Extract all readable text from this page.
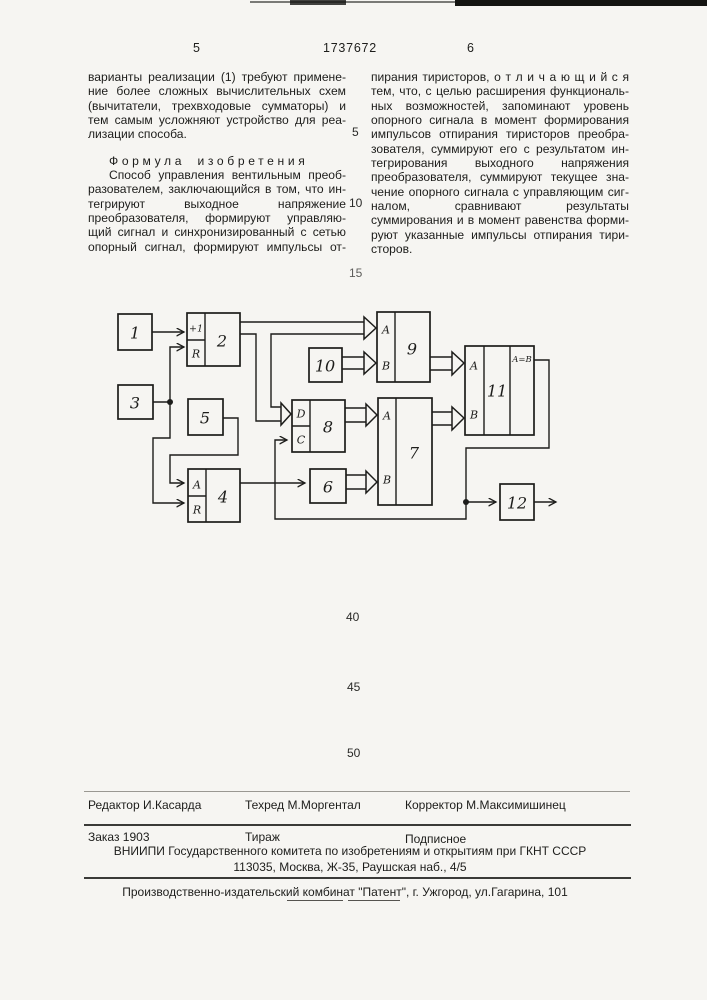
5	1737672	6
варианты реализации (1) требуют примене-
ние более сложных вычислительных схем
(вычитатели, трехвходовые сумматоры) и
тем самым усложняют устройство для реа-
лизации способа.
Формула изобретения
Способ управления вентильным преоб-
разователем, заключающийся в том, что ин-
тегрируют выходное напряжение
преобразователя, формируют управляю-
щий сигнал и синхронизированный с сетью
опорный сигнал, формируют импульсы от-
пирания тиристоров, о т л и ч а ю щ и й с я
тем, что, с целью расширения функциональ-
ных возможностей, запоминают уровень
опорного сигнала в момент формирования
импульсов отпирания тиристоров преобра-
зователя, суммируют его с результатом ин-
тегрирования выходного напряжения
преобразователя, суммируют текущее зна-
чение опорного сигнала с управляющим сиг-
налом, сравнивают результаты
суммирования и в момент равенства форми-
руют указанные импульсы отпирания тири-
сторов.
5
10
15
40
45
50
1	+1
R
2
3
5
A
R
4
10
D
C
8
6
A
B
9
A
B
7
A
B
11
A=B
12
Редактор И.Касарда	Техред М.Моргентал	Корректор М.Максимишинец
Заказ 1903	Тираж	Подписное
ВНИИПИ Государственного комитета по изобретениям и открытиям при ГКНТ СССР
113035, Москва, Ж-35, Раушская наб., 4/5
Производственно-издательский комбинат "Патент", г. Ужгород, ул.Гагарина, 101
